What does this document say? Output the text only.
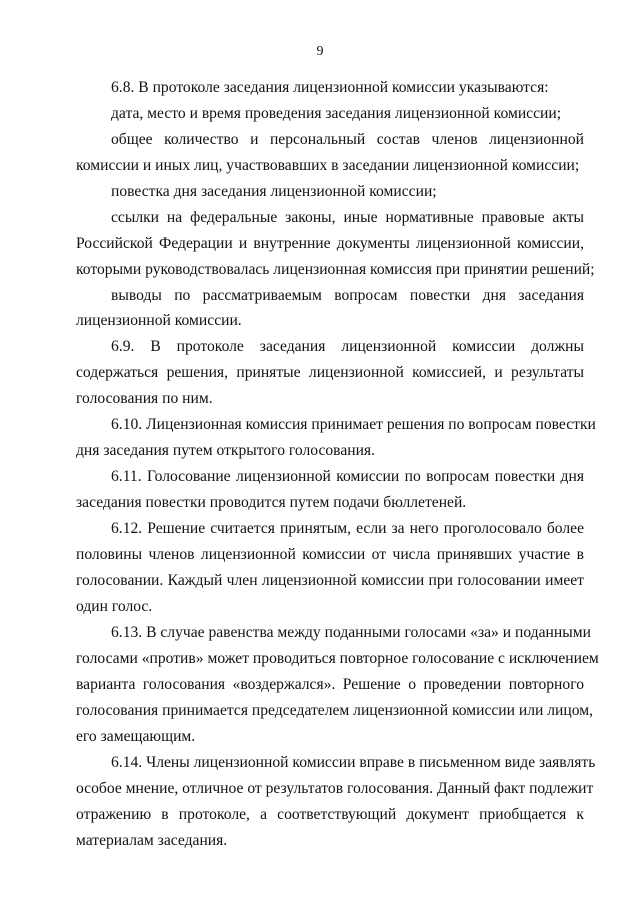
9
6.8. В протоколе заседания лицензионной комиссии указываются:
дата, место и время проведения заседания лицензионной комиссии;
общее количество и персональный состав членов лицензионной
комиссии и иных лиц, участвовавших в заседании лицензионной комиссии;
повестка дня заседания лицензионной комиссии;
ссылки на федеральные законы, иные нормативные правовые акты
Российской Федерации и внутренние документы лицензионной комиссии,
которыми руководствовалась лицензионная комиссия при принятии решений;
выводы по рассматриваемым вопросам повестки дня заседания
лицензионной комиссии.
6.9. В протоколе заседания лицензионной комиссии должны
содержаться решения, принятые лицензионной комиссией, и результаты
голосования по ним.
6.10. Лицензионная комиссия принимает решения по вопросам повестки
дня заседания путем открытого голосования.
6.11. Голосование лицензионной комиссии по вопросам повестки дня
заседания повестки проводится путем подачи бюллетеней.
6.12. Решение считается принятым, если за него проголосовало более
половины членов лицензионной комиссии от числа принявших участие в
голосовании. Каждый член лицензионной комиссии при голосовании имеет
один голос.
6.13. В случае равенства между поданными голосами «за» и поданными
голосами «против» может проводиться повторное голосование с исключением
варианта голосования «воздержался». Решение о проведении повторного
голосования принимается председателем лицензионной комиссии или лицом,
его замещающим.
6.14. Члены лицензионной комиссии вправе в письменном виде заявлять
особое мнение, отличное от результатов голосования. Данный факт подлежит
отражению в протоколе, а соответствующий документ приобщается к
материалам заседания.
